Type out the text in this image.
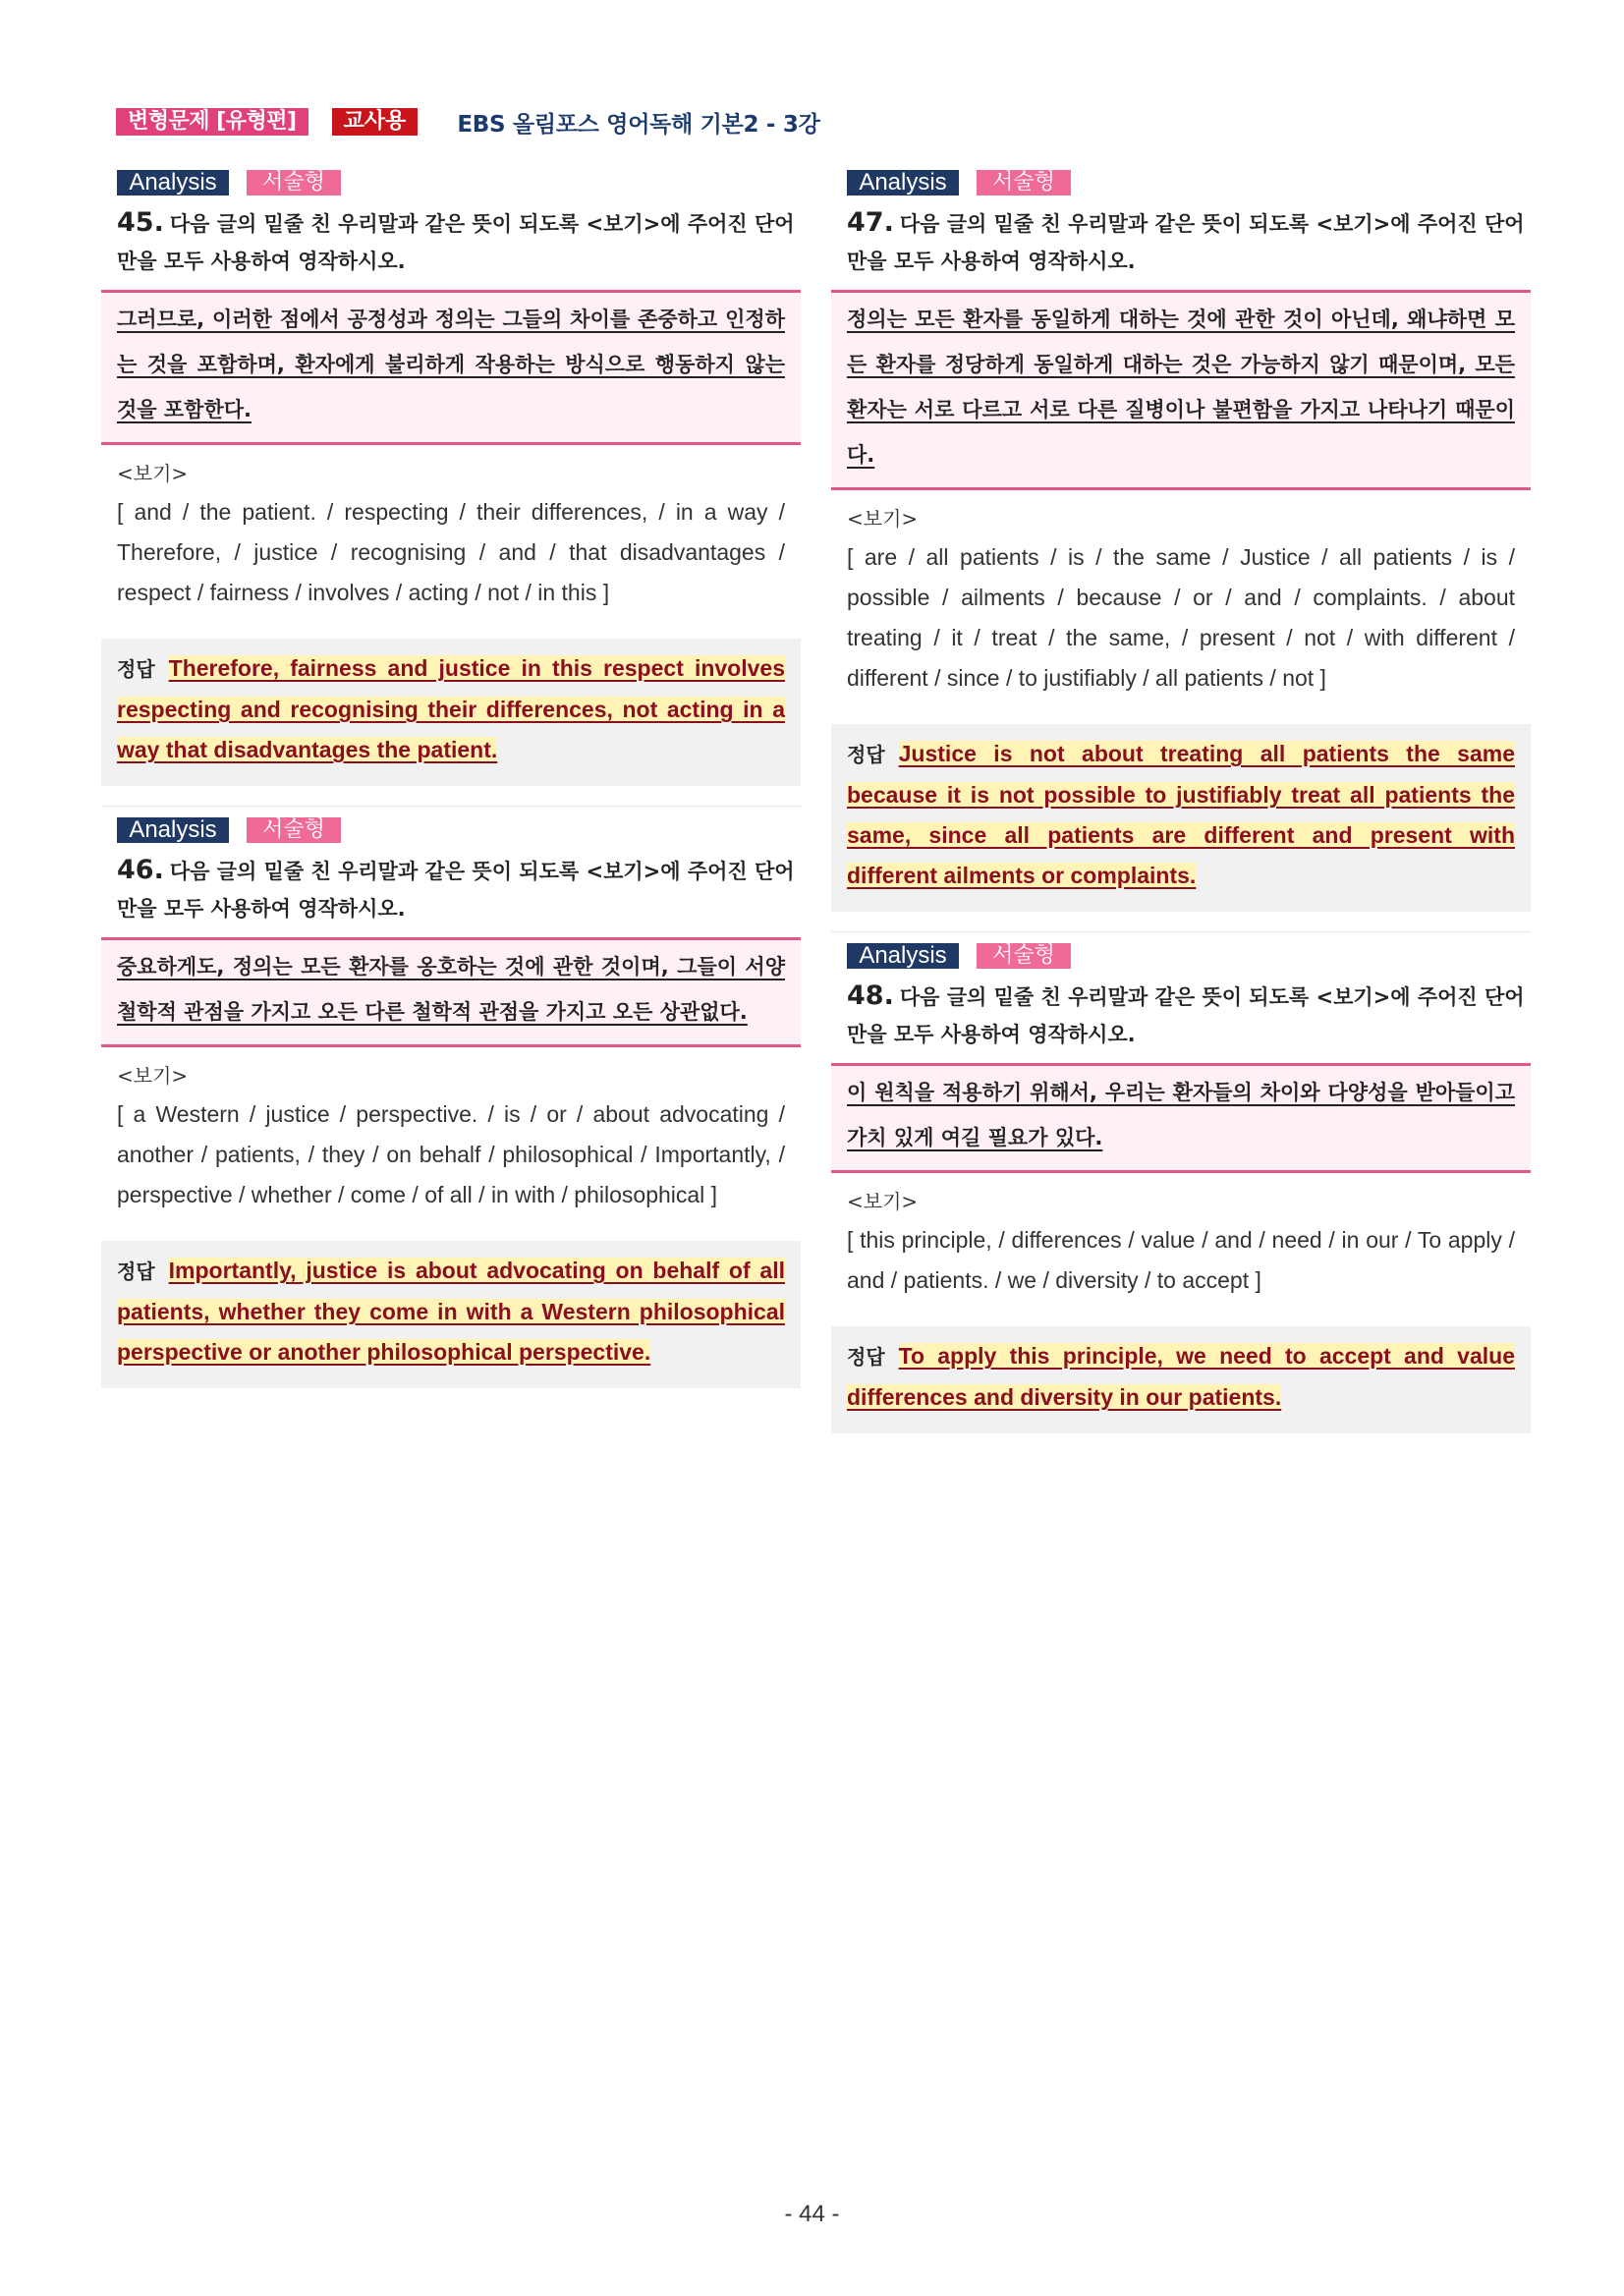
변형문제 [유형편]	교사용	EBS 올림포스 영어독해 기본2 - 3강
Analysis	서술형
45. 다음 글의 밑줄 친 우리말과 같은 뜻이 되도록 <보기>에 주어진 단어만을 모두 사용하여 영작하시오.

그러므로, 이러한 점에서 공정성과 정의는 그들의 차이를 존중하고 인정하는 것을 포함하며, 환자에게 불리하게 작용하는 방식으로 행동하지 않는 것을 포함한다.

<보기>
[ and / the patient. / respecting / their differences, / in a way / Therefore, / justice / recognising / and / that disadvantages / respect / fairness / involves / acting / not / in this ]

정답 Therefore, fairness and justice in this respect involves respecting and recognising their differences, not acting in a way that disadvantages the patient.

Analysis	서술형
46. 다음 글의 밑줄 친 우리말과 같은 뜻이 되도록 <보기>에 주어진 단어만을 모두 사용하여 영작하시오.

중요하게도, 정의는 모든 환자를 옹호하는 것에 관한 것이며, 그들이 서양 철학적 관점을 가지고 오든 다른 철학적 관점을 가지고 오든 상관없다.

<보기>
[ a Western / justice / perspective. / is / or / about advocating / another / patients, / they / on behalf / philosophical / Importantly, / perspective / whether / come / of all / in with / philosophical ]

정답 Importantly, justice is about advocating on behalf of all patients, whether they come in with a Western philosophical perspective or another philosophical perspective.

Analysis	서술형
47. 다음 글의 밑줄 친 우리말과 같은 뜻이 되도록 <보기>에 주어진 단어만을 모두 사용하여 영작하시오.

정의는 모든 환자를 동일하게 대하는 것에 관한 것이 아닌데, 왜냐하면 모든 환자를 정당하게 동일하게 대하는 것은 가능하지 않기 때문이며, 모든 환자는 서로 다르고 서로 다른 질병이나 불편함을 가지고 나타나기 때문이다.

<보기>
[ are / all patients / is / the same / Justice / all patients / is / possible / ailments / because / or / and / complaints. / about treating / it / treat / the same, / present / not / with different / different / since / to justifiably / all patients / not ]

정답 Justice is not about treating all patients the same because it is not possible to justifiably treat all patients the same, since all patients are different and present with different ailments or complaints.

Analysis	서술형
48. 다음 글의 밑줄 친 우리말과 같은 뜻이 되도록 <보기>에 주어진 단어만을 모두 사용하여 영작하시오.

이 원칙을 적용하기 위해서, 우리는 환자들의 차이와 다양성을 받아들이고 가치 있게 여길 필요가 있다.

<보기>
[ this principle, / differences / value / and / need / in our / To apply / and / patients. / we / diversity / to accept ]

정답 To apply this principle, we need to accept and value differences and diversity in our patients.

- 44 -
